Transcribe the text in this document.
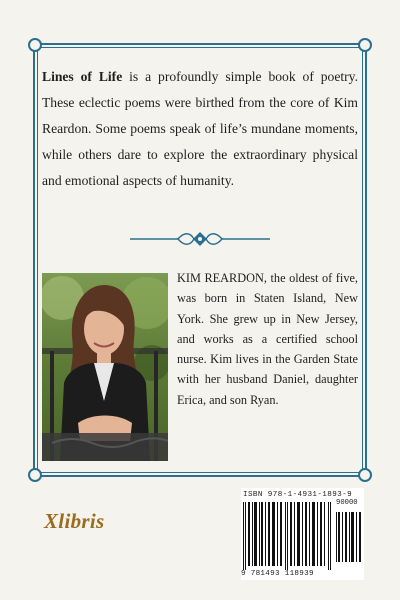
Lines of Life is a profoundly simple book of poetry. These eclectic poems were birthed from the core of Kim Reardon. Some poems speak of life’s mundane moments, while others dare to explore the extraordinary physical and emotional aspects of humanity.

KIM REARDON, the oldest of five, was born in Staten Island, New York. She grew up in New Jersey, and works as a certified school nurse. Kim lives in the Garden State with her husband Daniel, daughter Erica, and son Ryan.

Xlibris
ISBN 978-1-4931-1893-9
90000
9 781493 118939
